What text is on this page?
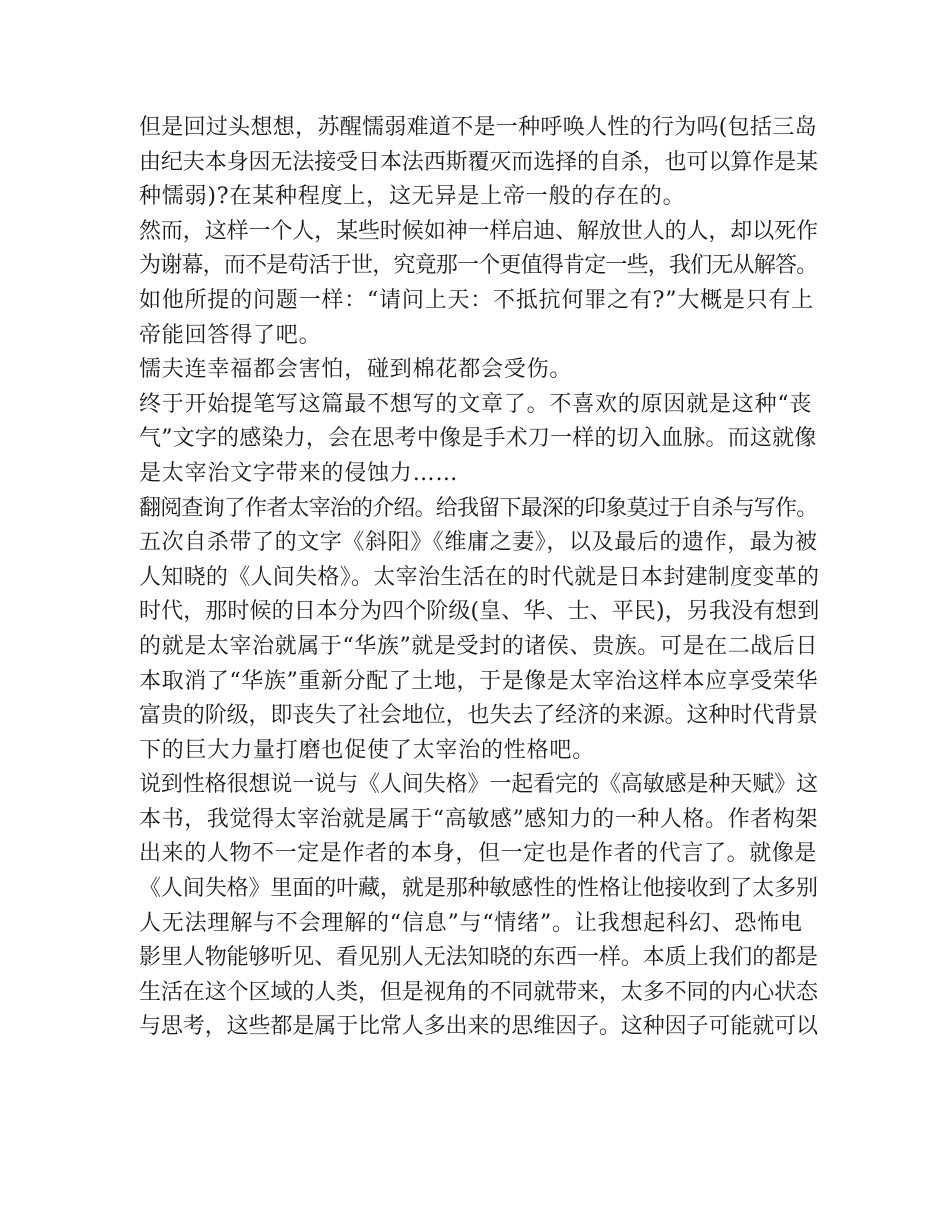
但是回过头想想，苏醒懦弱难道不是一种呼唤人性的行为吗(包括三岛
由纪夫本身因无法接受日本法西斯覆灭而选择的自杀，也可以算作是某
种懦弱)?在某种程度上，这无异是上帝一般的存在的。
然而，这样一个人，某些时候如神一样启迪、解放世人的人，却以死作
为谢幕，而不是苟活于世，究竟那一个更值得肯定一些，我们无从解答。
如他所提的问题一样：“请问上天：不抵抗何罪之有?”大概是只有上
帝能回答得了吧。
懦夫连幸福都会害怕，碰到棉花都会受伤。
终于开始提笔写这篇最不想写的文章了。不喜欢的原因就是这种“丧
气”文字的感染力，会在思考中像是手术刀一样的切入血脉。而这就像
是太宰治文字带来的侵蚀力……
翻阅查询了作者太宰治的介绍。给我留下最深的印象莫过于自杀与写作。
五次自杀带了的文字《斜阳》《维庸之妻》，以及最后的遗作，最为被
人知晓的《人间失格》。太宰治生活在的时代就是日本封建制度变革的
时代，那时候的日本分为四个阶级(皇、华、士、平民)，另我没有想到
的就是太宰治就属于“华族”就是受封的诸侯、贵族。可是在二战后日
本取消了“华族”重新分配了土地，于是像是太宰治这样本应享受荣华
富贵的阶级，即丧失了社会地位，也失去了经济的来源。这种时代背景
下的巨大力量打磨也促使了太宰治的性格吧。
说到性格很想说一说与《人间失格》一起看完的《高敏感是种天赋》这
本书，我觉得太宰治就是属于“高敏感”感知力的一种人格。作者构架
出来的人物不一定是作者的本身，但一定也是作者的代言了。就像是
《人间失格》里面的叶藏，就是那种敏感性的性格让他接收到了太多别
人无法理解与不会理解的“信息”与“情绪”。让我想起科幻、恐怖电
影里人物能够听见、看见别人无法知晓的东西一样。本质上我们的都是
生活在这个区域的人类，但是视角的不同就带来，太多不同的内心状态
与思考，这些都是属于比常人多出来的思维因子。这种因子可能就可以
